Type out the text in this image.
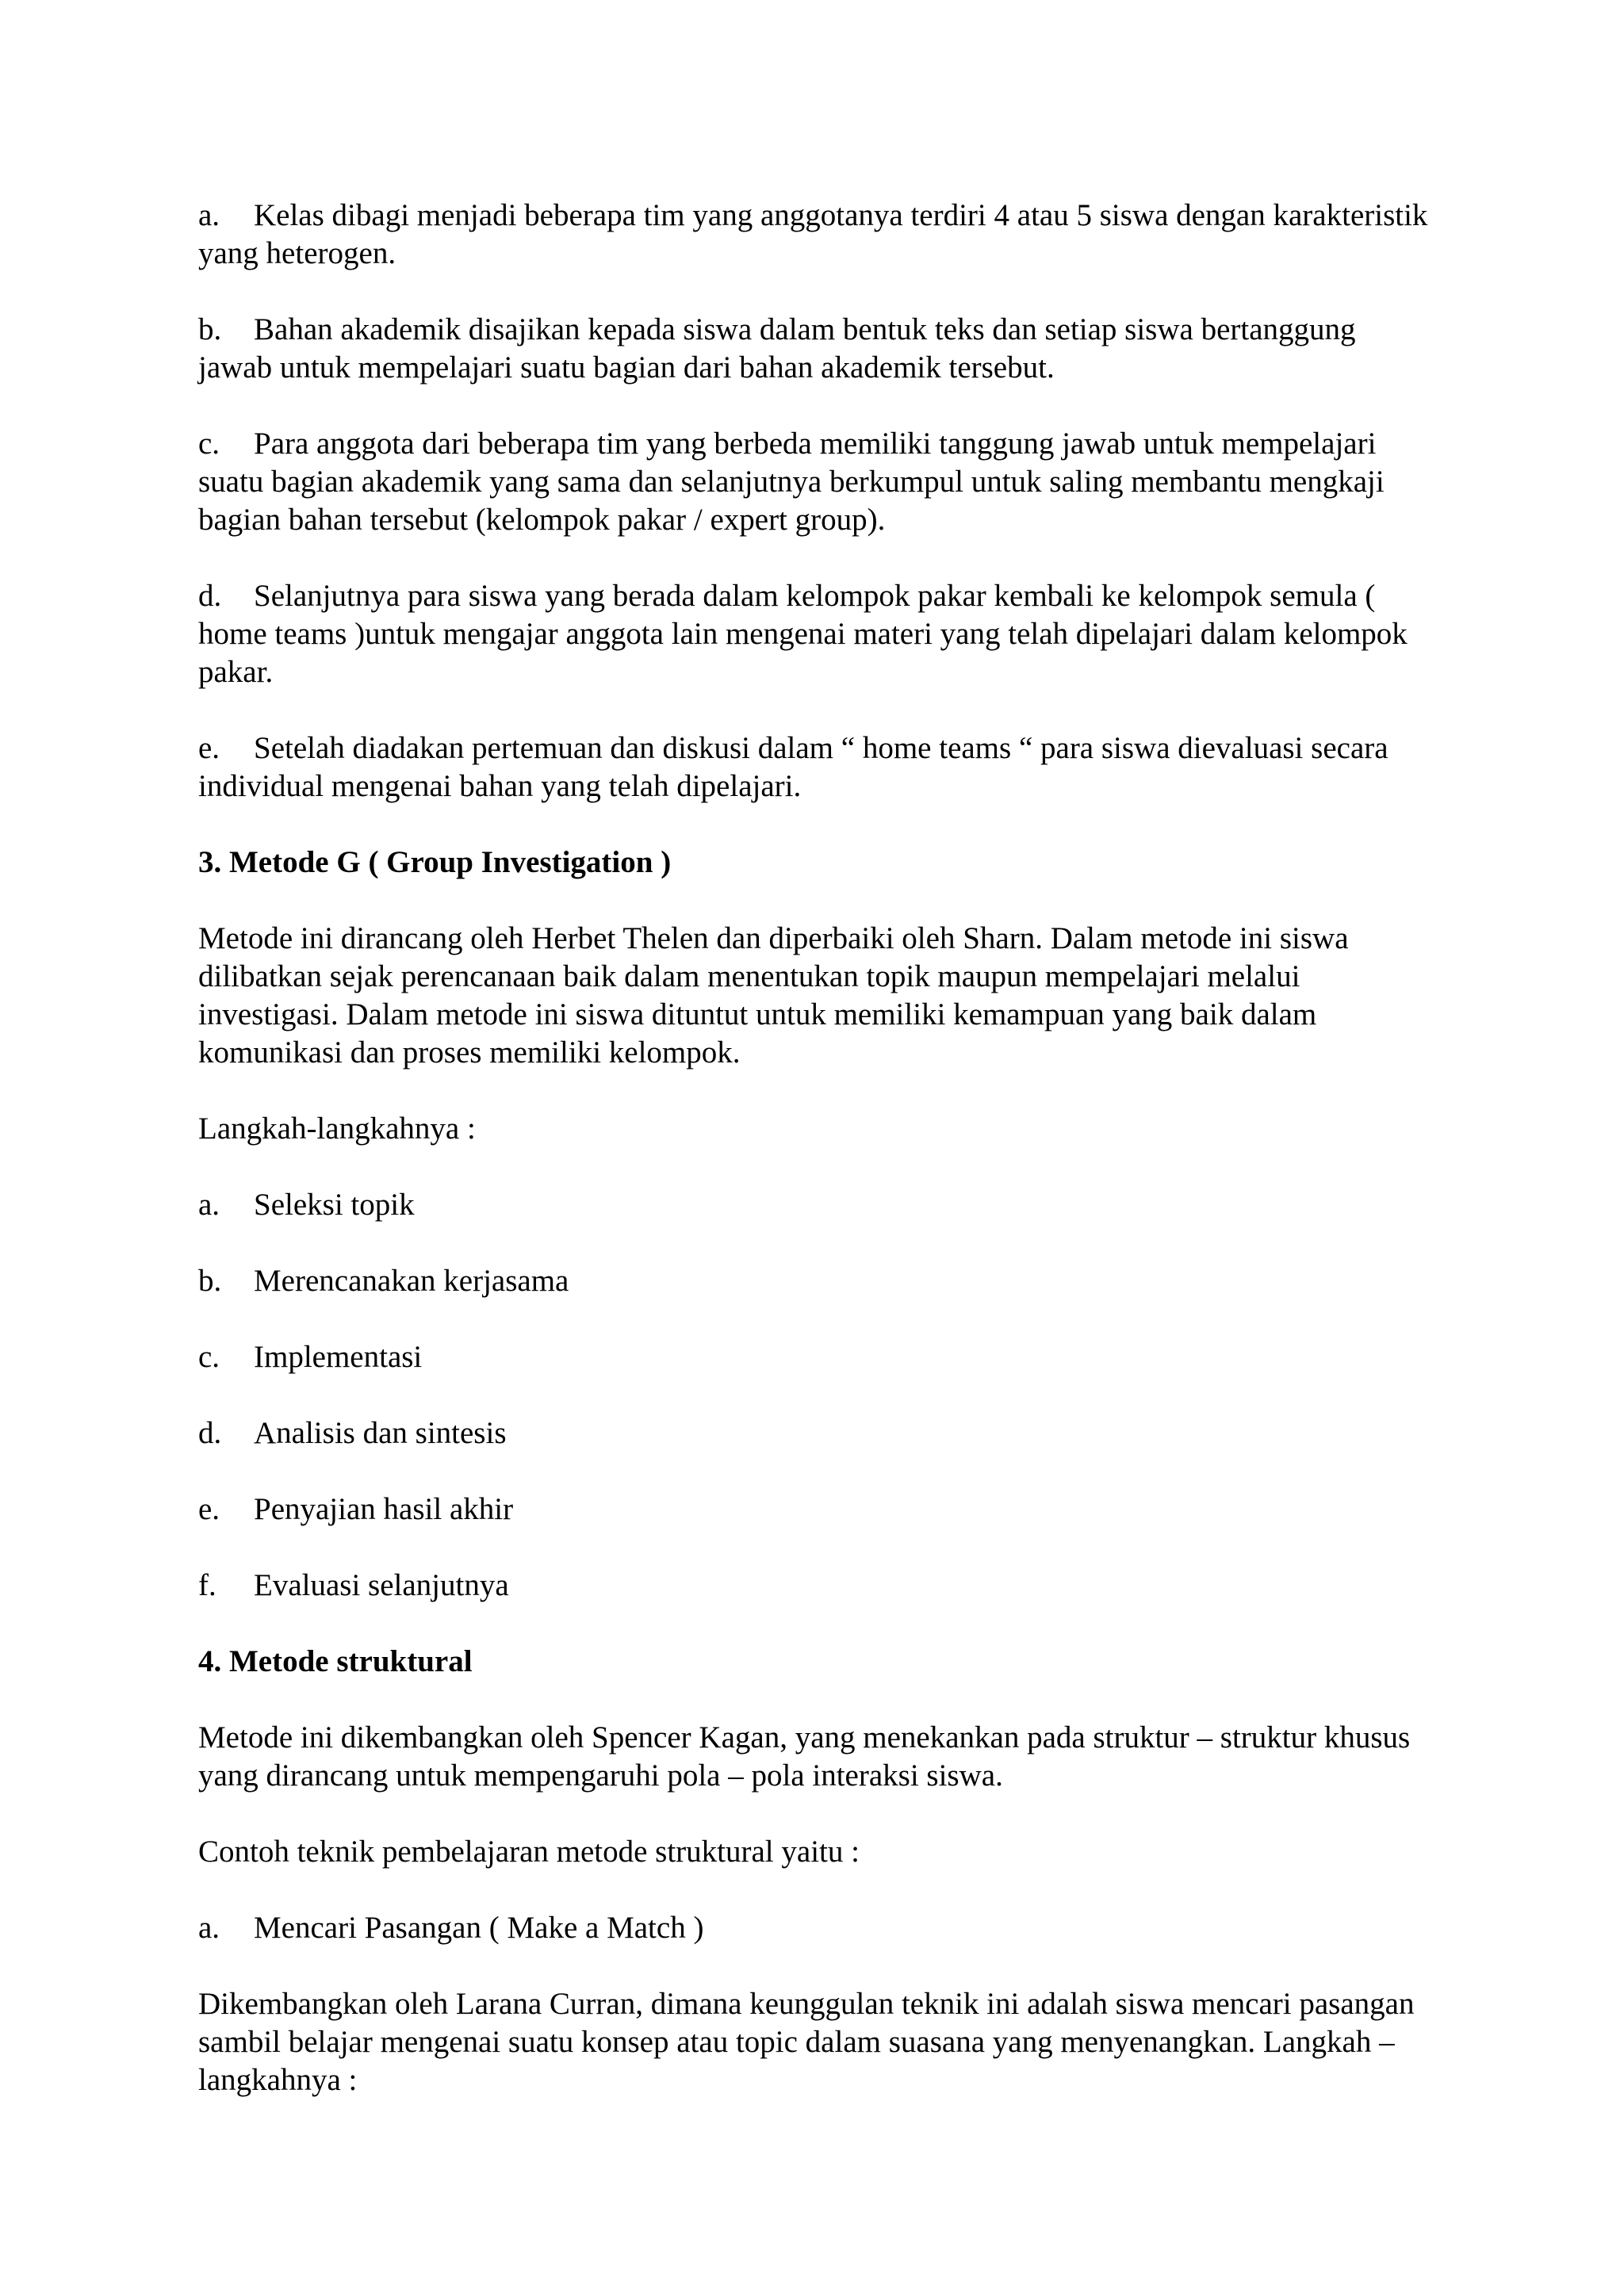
a. Kelas dibagi menjadi beberapa tim yang anggotanya terdiri 4 atau 5 siswa dengan karakteristik yang heterogen.

b. Bahan akademik disajikan kepada siswa dalam bentuk teks dan setiap siswa bertanggung jawab untuk mempelajari suatu bagian dari bahan akademik tersebut.

c. Para anggota dari beberapa tim yang berbeda memiliki tanggung jawab untuk mempelajari suatu bagian akademik yang sama dan selanjutnya berkumpul untuk saling membantu mengkaji bagian bahan tersebut (kelompok pakar / expert group).

d. Selanjutnya para siswa yang berada dalam kelompok pakar kembali ke kelompok semula ( home teams )untuk mengajar anggota lain mengenai materi yang telah dipelajari dalam kelompok pakar.

e. Setelah diadakan pertemuan dan diskusi dalam “ home teams “ para siswa dievaluasi secara individual mengenai bahan yang telah dipelajari.

3. Metode G ( Group Investigation )

Metode ini dirancang oleh Herbet Thelen dan diperbaiki oleh Sharn. Dalam metode ini siswa dilibatkan sejak perencanaan baik dalam menentukan topik maupun mempelajari melalui investigasi. Dalam metode ini siswa dituntut untuk memiliki kemampuan yang baik dalam komunikasi dan proses memiliki kelompok.

Langkah-langkahnya :

a. Seleksi topik

b. Merencanakan kerjasama

c. Implementasi

d. Analisis dan sintesis

e. Penyajian hasil akhir

f. Evaluasi selanjutnya

4. Metode struktural

Metode ini dikembangkan oleh Spencer Kagan, yang menekankan pada struktur – struktur khusus yang dirancang untuk mempengaruhi pola – pola interaksi siswa.

Contoh teknik pembelajaran metode struktural yaitu :

a. Mencari Pasangan ( Make a Match )

Dikembangkan oleh Larana Curran, dimana keunggulan teknik ini adalah siswa mencari pasangan sambil belajar mengenai suatu konsep atau topic dalam suasana yang menyenangkan. Langkah – langkahnya :
